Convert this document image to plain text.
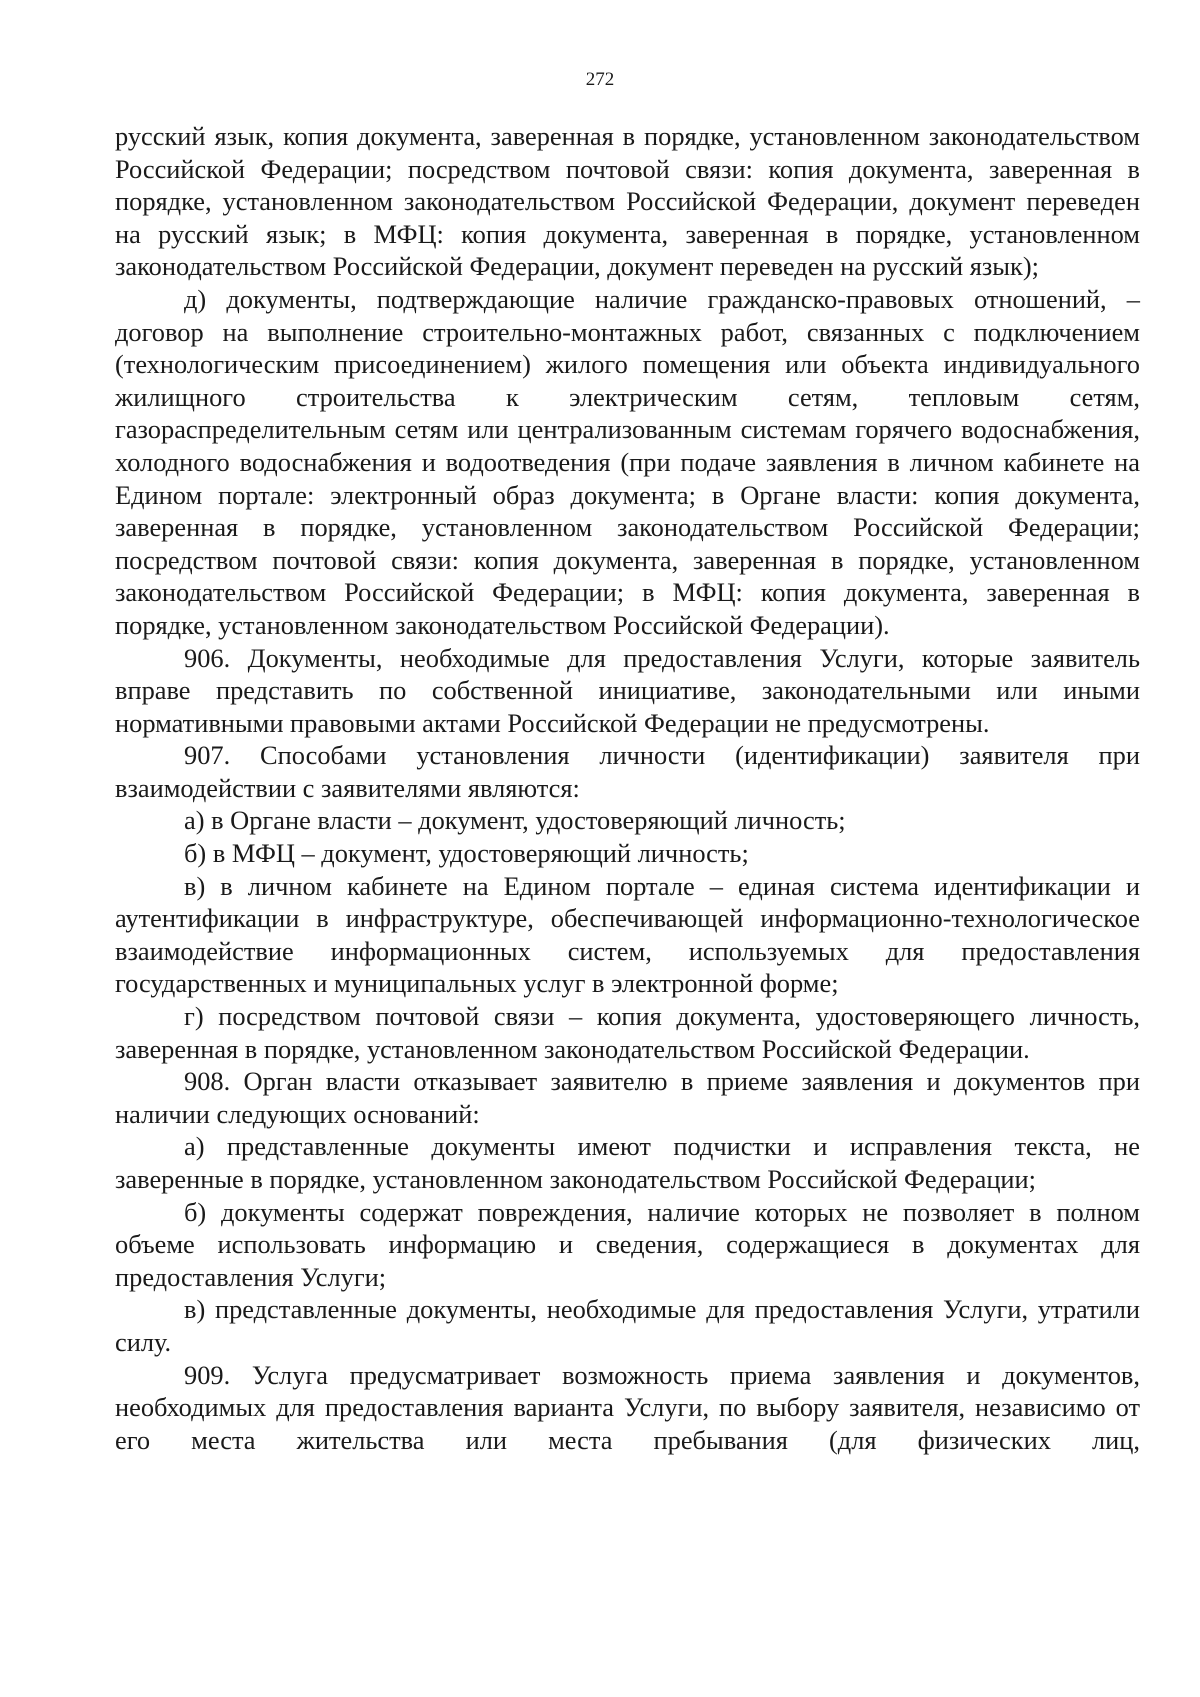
272

русский язык, копия документа, заверенная в порядке, установленном законодательством Российской Федерации; посредством почтовой связи: копия документа, заверенная в порядке, установленном законодательством Российской Федерации, документ переведен на русский язык; в МФЦ: копия документа, заверенная в порядке, установленном законодательством Российской Федерации, документ переведен на русский язык);

д) документы, подтверждающие наличие гражданско-правовых отношений, – договор на выполнение строительно-монтажных работ, связанных с подключением (технологическим присоединением) жилого помещения или объекта индивидуального жилищного строительства к электрическим сетям, тепловым сетям, газораспределительным сетям или централизованным системам горячего водоснабжения, холодного водоснабжения и водоотведения (при подаче заявления в личном кабинете на Едином портале: электронный образ документа; в Органе власти: копия документа, заверенная в порядке, установленном законодательством Российской Федерации; посредством почтовой связи: копия документа, заверенная в порядке, установленном законодательством Российской Федерации; в МФЦ: копия документа, заверенная в порядке, установленном законодательством Российской Федерации).

906. Документы, необходимые для предоставления Услуги, которые заявитель вправе представить по собственной инициативе, законодательными или иными нормативными правовыми актами Российской Федерации не предусмотрены.

907. Способами установления личности (идентификации) заявителя при взаимодействии с заявителями являются:

а) в Органе власти – документ, удостоверяющий личность;

б) в МФЦ – документ, удостоверяющий личность;

в) в личном кабинете на Едином портале – единая система идентификации и аутентификации в инфраструктуре, обеспечивающей информационно-технологическое взаимодействие информационных систем, используемых для предоставления государственных и муниципальных услуг в электронной форме;

г) посредством почтовой связи – копия документа, удостоверяющего личность, заверенная в порядке, установленном законодательством Российской Федерации.

908. Орган власти отказывает заявителю в приеме заявления и документов при наличии следующих оснований:

а) представленные документы имеют подчистки и исправления текста, не заверенные в порядке, установленном законодательством Российской Федерации;

б) документы содержат повреждения, наличие которых не позволяет в полном объеме использовать информацию и сведения, содержащиеся в документах для предоставления Услуги;

в) представленные документы, необходимые для предоставления Услуги, утратили силу.

909. Услуга предусматривает возможность приема заявления и документов, необходимых для предоставления варианта Услуги, по выбору заявителя, независимо от его места жительства или места пребывания (для физических лиц,
